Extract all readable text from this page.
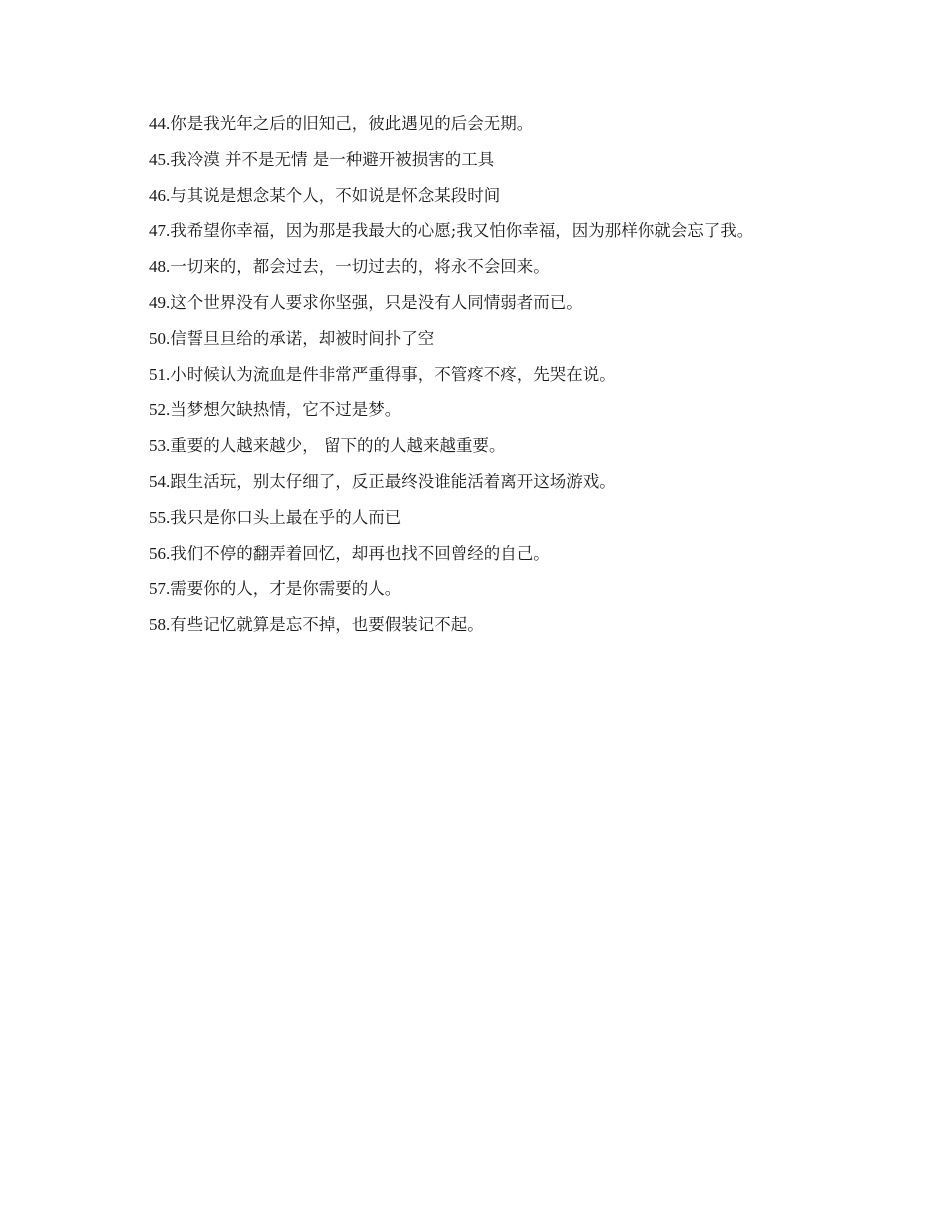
44.你是我光年之后的旧知己，彼此遇见的后会无期。
45.我冷漠 并不是无情 是一种避开被损害的工具
46.与其说是想念某个人，不如说是怀念某段时间
47.我希望你幸福，因为那是我最大的心愿;我又怕你幸福，因为那样你就会忘了我。
48.一切来的，都会过去，一切过去的，将永不会回来。
49.这个世界没有人要求你坚强，只是没有人同情弱者而已。
50.信誓旦旦给的承诺，却被时间扑了空
51.小时候认为流血是件非常严重得事，不管疼不疼，先哭在说。
52.当梦想欠缺热情，它不过是梦。
53.重要的人越来越少， 留下的的人越来越重要。
54.跟生活玩，别太仔细了，反正最终没谁能活着离开这场游戏。
55.我只是你口头上最在乎的人而已
56.我们不停的翻弄着回忆，却再也找不回曾经的自己。
57.需要你的人，才是你需要的人。
58.有些记忆就算是忘不掉，也要假装记不起。
